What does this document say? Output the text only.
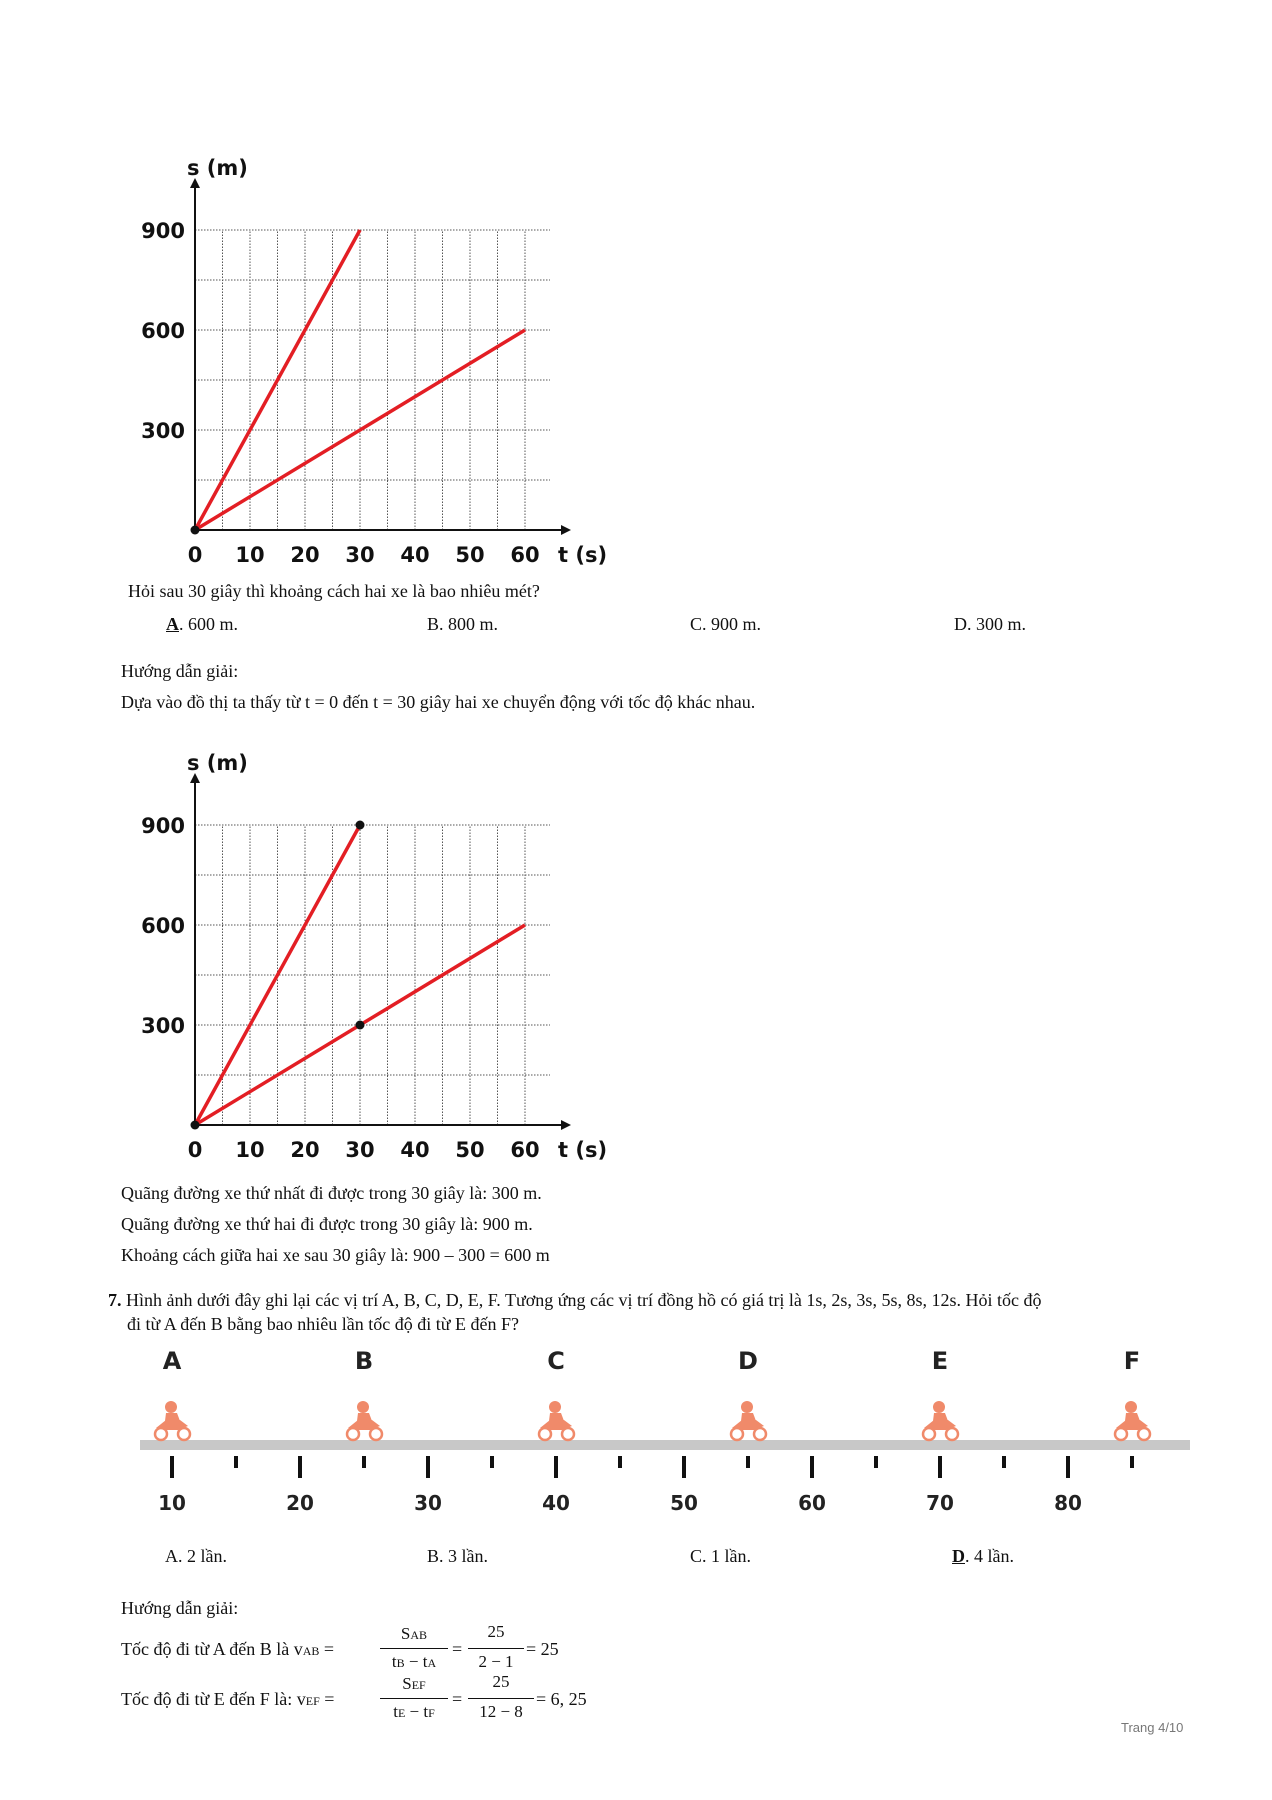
0 10 20 30 40 50 60
300
600
900
t (s)
s (m)
Hỏi sau 30 giây thì khoảng cách hai xe là bao nhiêu mét?
A. 600 m.	B. 800 m.	C. 900 m.	D. 300 m.
Hướng dẫn giải:
Dựa vào đồ thị ta thấy từ t = 0 đến t = 30 giây hai xe chuyển động với tốc độ khác nhau.
0 10 20 30 40 50 60
300
600
900
t (s)
s (m)
Quãng đường xe thứ nhất đi được trong 30 giây là: 300 m.
Quãng đường xe thứ hai đi được trong 30 giây là: 900 m.
Khoảng cách giữa hai xe sau 30 giây là: 900 – 300 = 600 m
7. Hình ảnh dưới đây ghi lại các vị trí A, B, C, D, E, F. Tương ứng các vị trí đồng hồ có giá trị là 1s, 2s, 3s, 5s, 8s, 12s. Hỏi tốc độ
đi từ A đến B bằng bao nhiêu lần tốc độ đi từ E đến F?
10	20	30	40	50	60	70	80
A	B	C	D	E	F
A. 2 lần.	B. 3 lần.	C. 1 lần.	D. 4 lần.
Hướng dẫn giải:
Tốc độ đi từ A đến B là vAB =
SAB
tB − tA
=
25
2 − 1
= 25
Tốc độ đi từ E đến F là: vEF =
SEF
tE − tF
=
25
12 − 8
= 6, 25
Trang 4/10
